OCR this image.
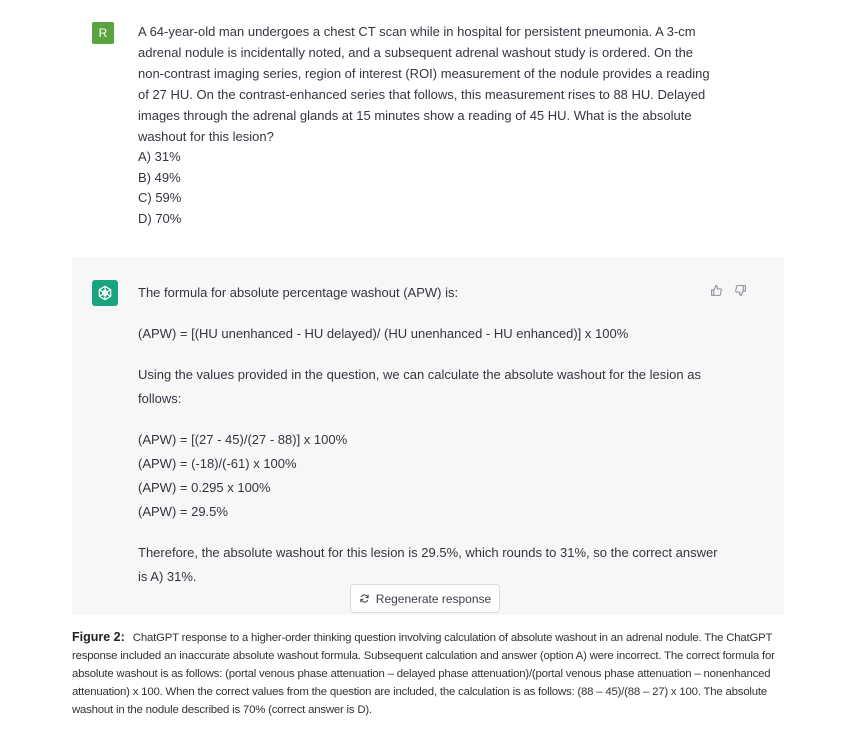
R A 64-year-old man undergoes a chest CT scan while in hospital for persistent pneumonia. A 3-cm adrenal nodule is incidentally noted, and a subsequent adrenal washout study is ordered. On the non-contrast imaging series, region of interest (ROI) measurement of the nodule provides a reading of 27 HU. On the contrast-enhanced series that follows, this measurement rises to 88 HU. Delayed images through the adrenal glands at 15 minutes show a reading of 45 HU. What is the absolute washout for this lesion?

A) 31%
B) 49%
C) 59%
D) 70%

The formula for absolute percentage washout (APW) is:

(APW) = [(HU unenhanced - HU delayed)/ (HU unenhanced - HU enhanced)] x 100%

Using the values provided in the question, we can calculate the absolute washout for the lesion as follows:

(APW) = [(27 - 45)/(27 - 88)] x 100%

(APW) = (-18)/(-61) x 100%

(APW) = 0.295 x 100%

(APW) = 29.5%

Therefore, the absolute washout for this lesion is 29.5%, which rounds to 31%, so the correct answer is A) 31%.

Regenerate response
Figure 2: ChatGPT response to a higher-order thinking question involving calculation of absolute washout in an adrenal nodule. The ChatGPT response included an inaccurate absolute washout formula. Subsequent calculation and answer (option A) were incorrect. The correct formula for absolute washout is as follows: (portal venous phase attenuation – delayed phase attenuation)/(portal venous phase attenuation – nonenhanced attenuation) x 100. When the correct values from the question are included, the calculation is as follows: (88 – 45)/(88 – 27) x 100. The absolute washout in the nodule described is 70% (correct answer is D).
